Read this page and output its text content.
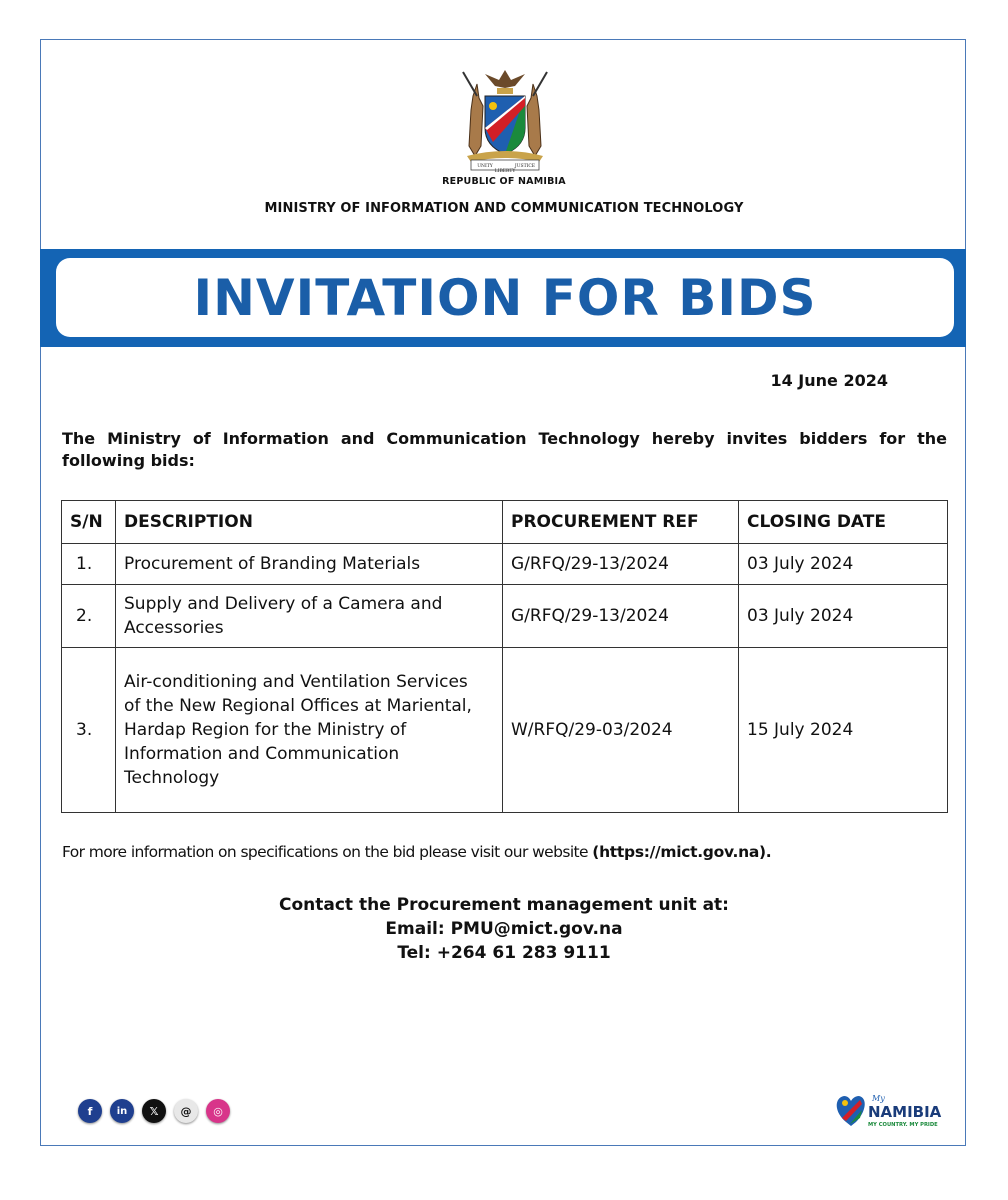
UNITY	JUSTICE
LIBERTY
REPUBLIC OF NAMIBIA
MINISTRY OF INFORMATION AND COMMUNICATION TECHNOLOGY
INVITATION FOR BIDS
14 June 2024
The Ministry of Information and Communication Technology hereby invites bidders for the following bids:
S/N	DESCRIPTION	PROCUREMENT REF	CLOSING DATE
1.	Procurement of Branding Materials	G/RFQ/29-13/2024	03 July 2024
2.	Supply and Delivery of a Camera and Accessories	G/RFQ/29-13/2024	03 July 2024
3.	Air-conditioning and Ventilation Services of the New Regional Offices at Mariental, Hardap Region for the Ministry of Information and Communication Technology	W/RFQ/29-03/2024	15 July 2024
For more information on specifications on the bid please visit our website (https://mict.gov.na).
Contact the Procurement management unit at:
Email: PMU@mict.gov.na
Tel: +264 61 283 9111
f	in	𝕏	@	◎
My
NAMIBIA
MY COUNTRY. MY PRIDE
